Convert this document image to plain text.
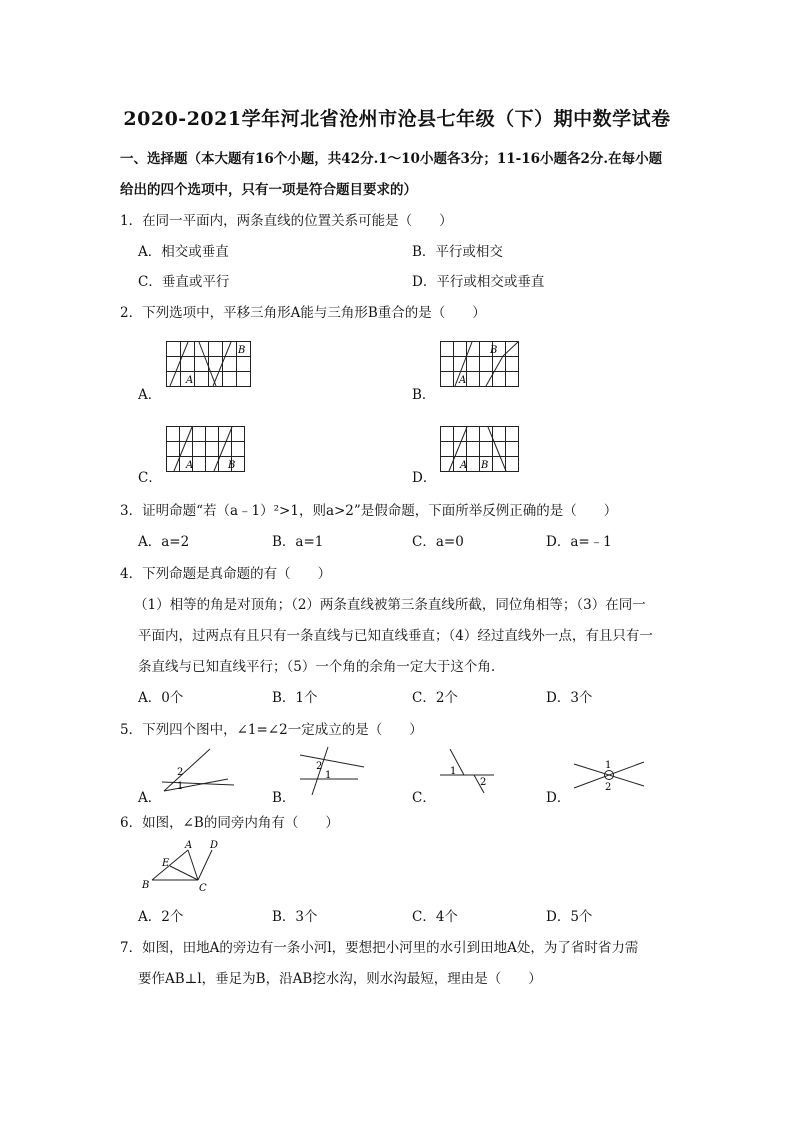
2020-2021学年河北省沧州市沧县七年级（下）期中数学试卷
一、选择题（本大题有16个小题，共42分.1～10小题各3分；11-16小题各2分.在每小题
给出的四个选项中，只有一项是符合题目要求的）
1．在同一平面内，两条直线的位置关系可能是（　　）
A．相交或垂直	B．平行或相交
C．垂直或平行	D．平行或相交或垂直
2．下列选项中，平移三角形A能与三角形B重合的是（　　）
A．
A
B
B．
A
B
C．
A	B
D．
A B
3．证明命题“若（a﹣1）²>1，则a>2”是假命题，下面所举反例正确的是（　　）
A．a=2	B．a=1	C．a=0	D．a=﹣1
4．下列命题是真命题的有（　　）
（1）相等的角是对顶角；（2）两条直线被第三条直线所截，同位角相等；（3）在同一
平面内，过两点有且只有一条直线与已知直线垂直；（4）经过直线外一点，有且只有一
条直线与已知直线平行；（5）一个角的余角一定大于这个角.
A．0个	B．1个	C．2个	D．3个
5．下列四个图中，∠1=∠2一定成立的是（　　）
A．
2
1
B．
2
1
C．
1
2
D．
1
2
6．如图，∠B的同旁内角有（　　）
A
B	C
D
E
A．2个	B．3个	C．4个	D．5个
7．如图，田地A的旁边有一条小河l，要想把小河里的水引到田地A处，为了省时省力需
要作AB⊥l，垂足为B，沿AB挖水沟，则水沟最短，理由是（　　）
